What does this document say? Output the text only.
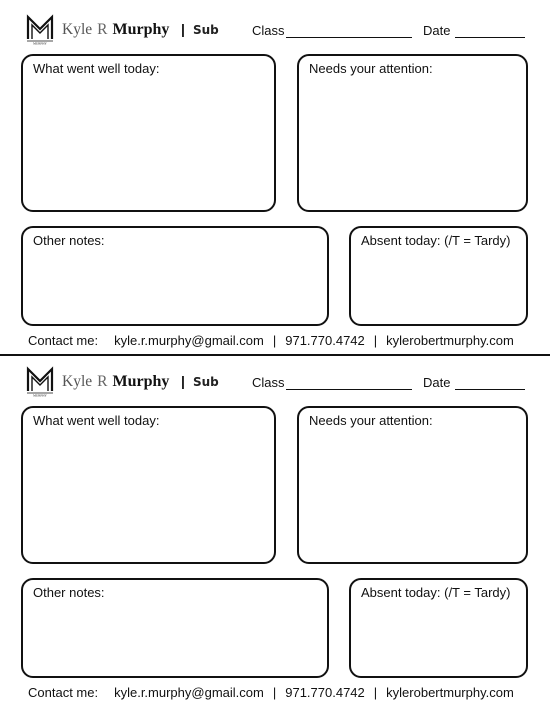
MURPHY
Kyle R Murphy | Sub	Class	Date
What went well today:	Needs your attention:
Other notes:	Absent today: (/T = Tardy)
Contact me: kyle.r.murphy@gmail.com | 971.770.4742 | kylerobertmurphy.com
MURPHY
Kyle R Murphy | Sub	Class	Date
What went well today:	Needs your attention:
Other notes:	Absent today: (/T = Tardy)
Contact me: kyle.r.murphy@gmail.com | 971.770.4742 | kylerobertmurphy.com
